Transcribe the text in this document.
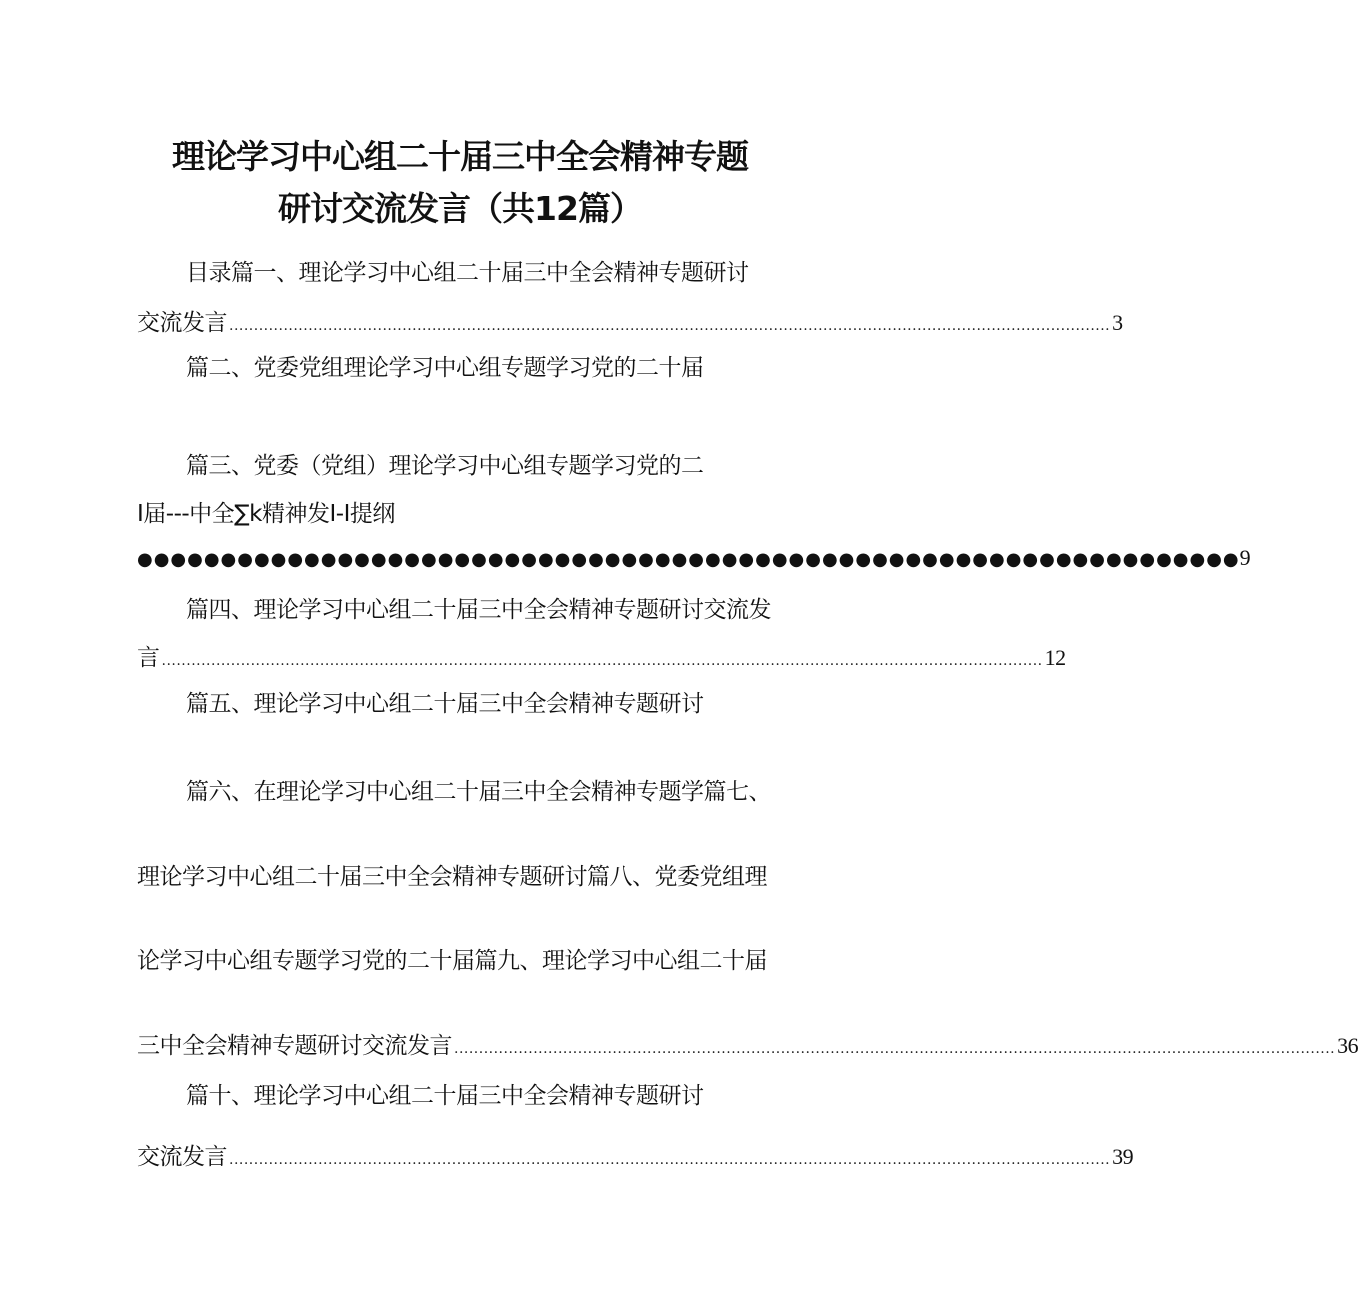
理论学习中心组二十届三中全会精神专题
研讨交流发言（共12篇）
目录篇一、理论学习中心组二十届三中全会精神专题研讨
交流发言 .................................................................................................................................................................................. 3
篇二、党委党组理论学习中心组专题学习党的二十届
篇三、党委（党组）理论学习中心组专题学习党的二
I届---中全∑k精神发I-I提纲
●●●●●●●●●●●●●●●●●●●●●●●●●●●●●●●●●●●●●●●●●●●●●●●●●●●●●●●●●●●●●●●●●●9
篇四、理论学习中心组二十届三中全会精神专题研讨交流发
言 .................................................................................................................................................................................. 12
篇五、理论学习中心组二十届三中全会精神专题研讨
篇六、在理论学习中心组二十届三中全会精神专题学篇七、
理论学习中心组二十届三中全会精神专题研讨篇八、党委党组理
论学习中心组专题学习党的二十届篇九、理论学习中心组二十届
三中全会精神专题研讨交流发言 .................................................................................................................................................................................. 36
篇十、理论学习中心组二十届三中全会精神专题研讨
交流发言 .................................................................................................................................................................................. 39
